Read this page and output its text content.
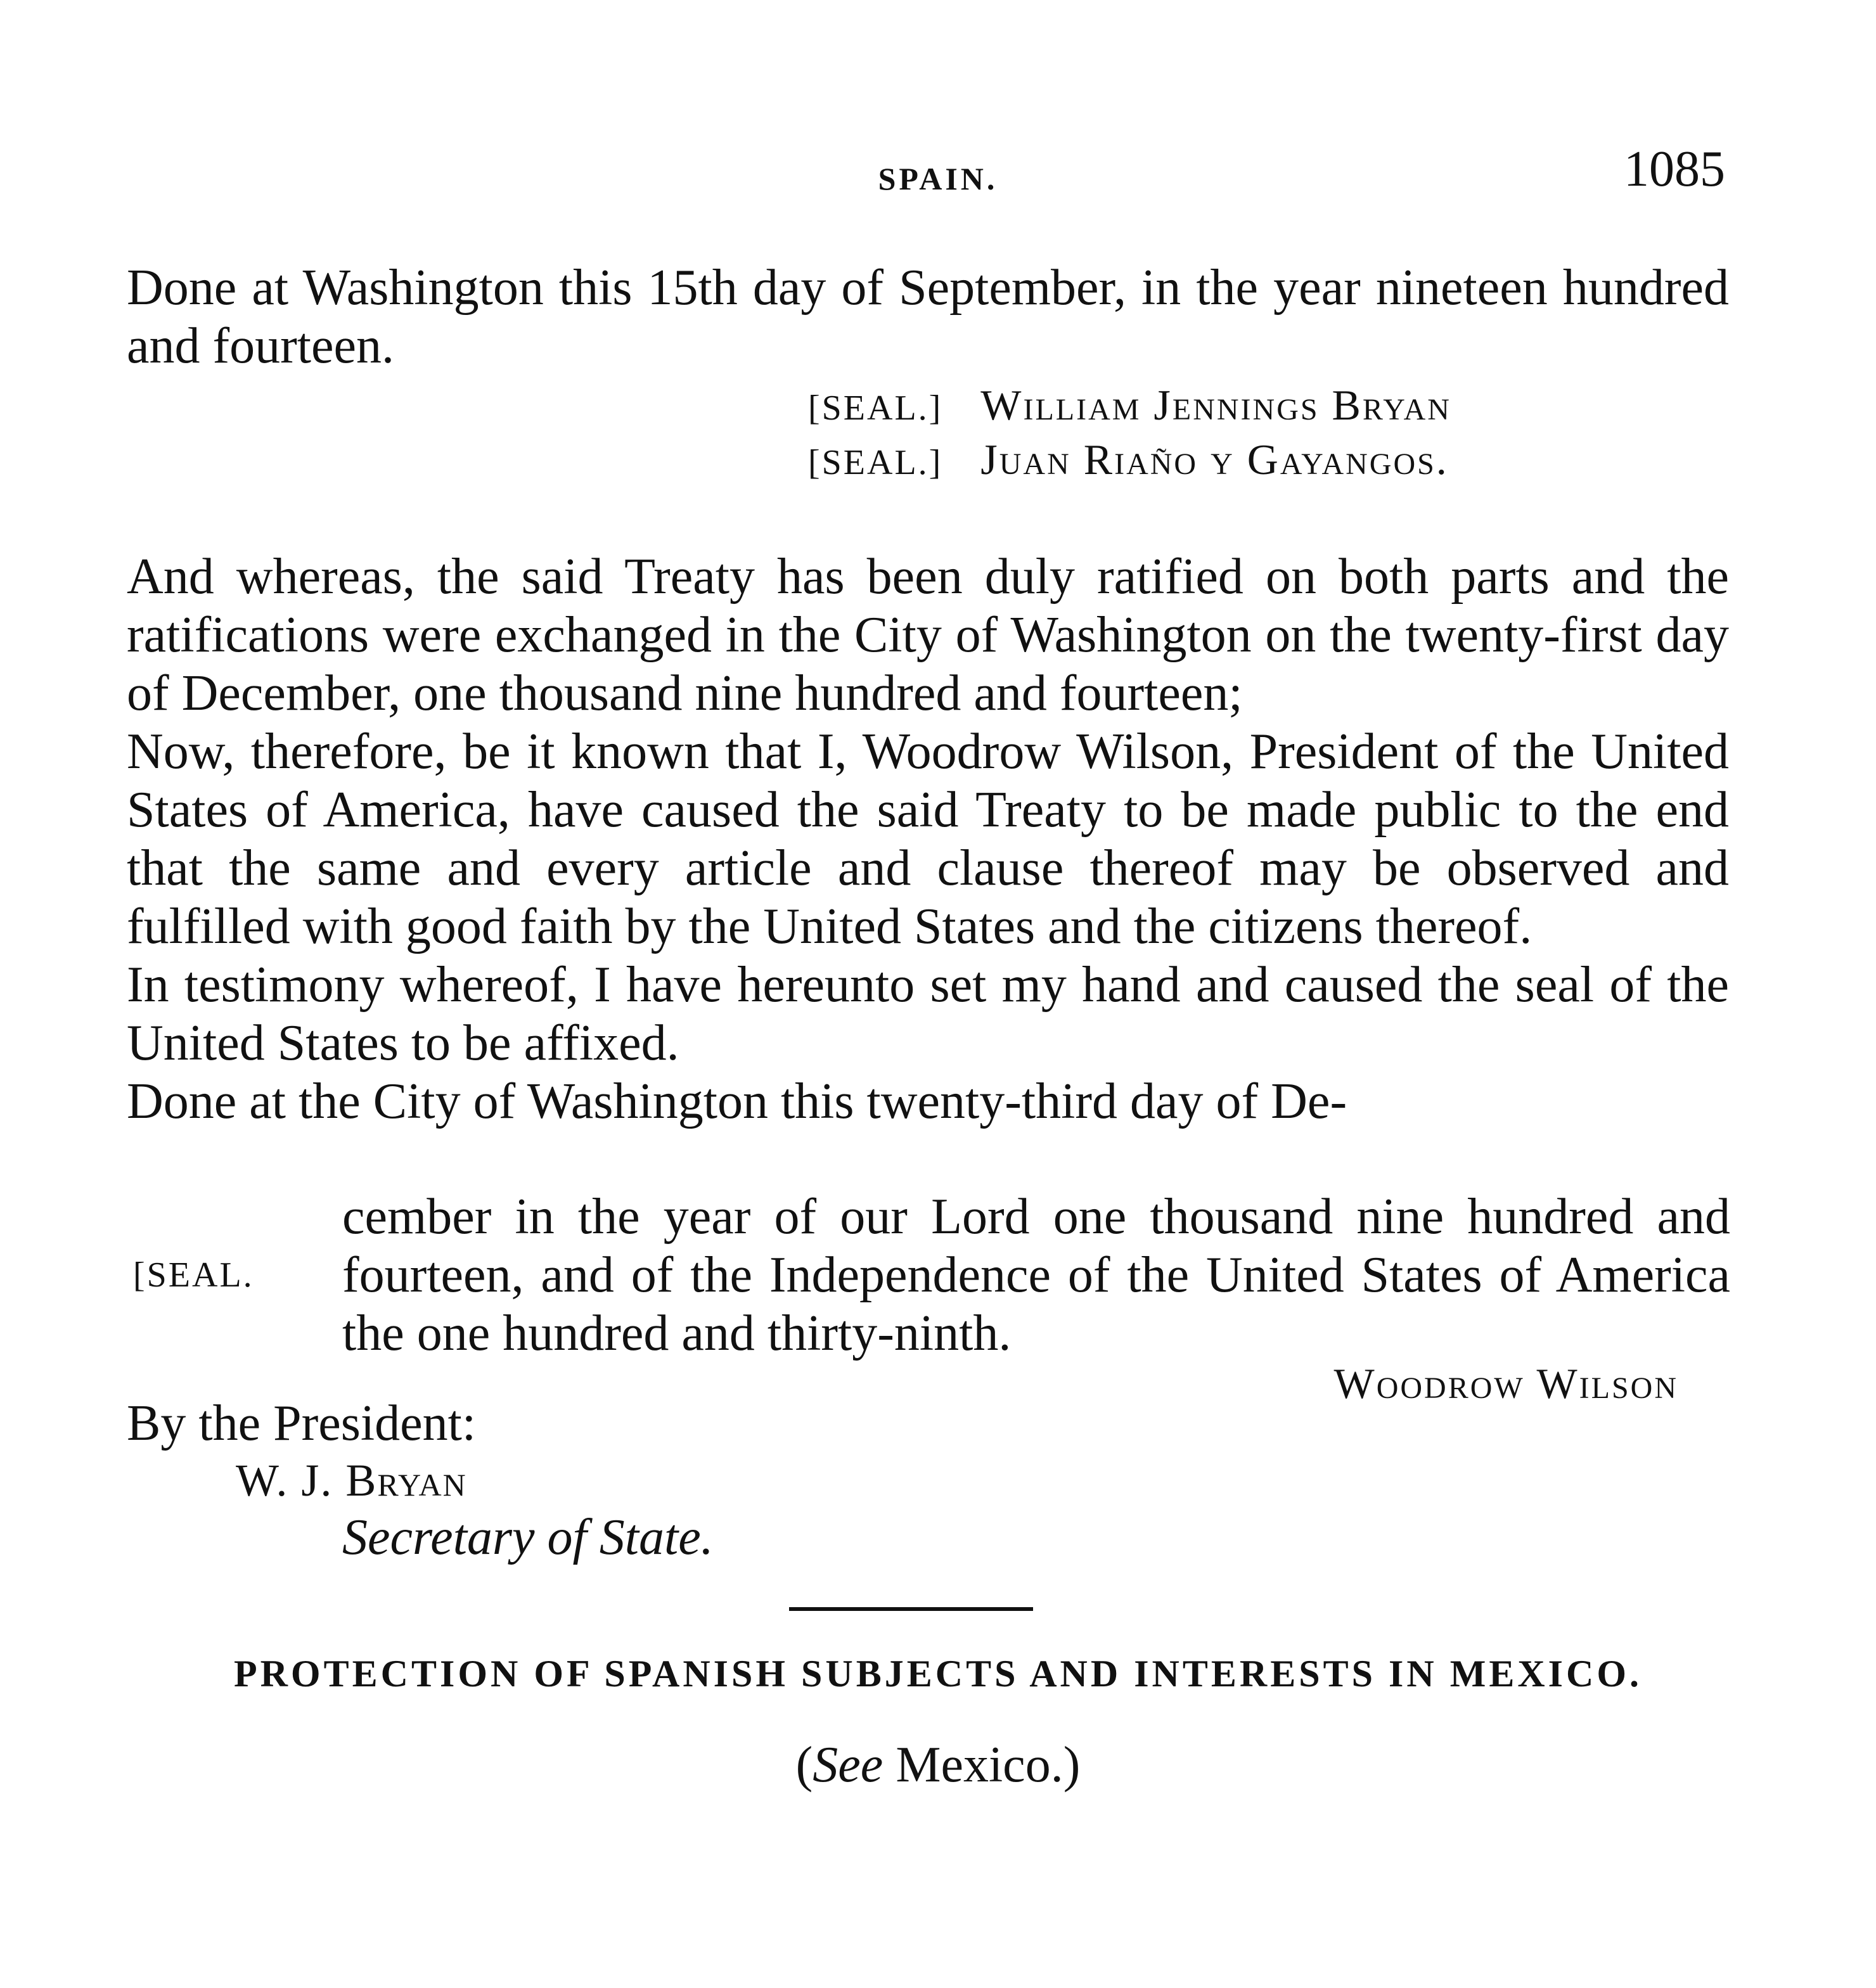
SPAIN.	1085
Done at Washington this 15th day of September, in the year nineteen hundred and fourteen.
[SEAL.] William Jennings Bryan
[SEAL.] Juan Riaño y Gayangos.
And whereas, the said Treaty has been duly ratified on both parts and the ratifications were exchanged in the City of Washington on the twenty-first day of December, one thousand nine hundred and fourteen;
Now, therefore, be it known that I, Woodrow Wilson, President of the United States of America, have caused the said Treaty to be made public to the end that the same and every article and clause thereof may be observed and fulfilled with good faith by the United States and the citizens thereof.
In testimony whereof, I have hereunto set my hand and caused the seal of the United States to be affixed.
Done at the City of Washington this twenty-third day of De-
cember in the year of our Lord one thousand nine hundred and fourteen, and of the Independence of the United States of America the one hundred and thirty-ninth.
[SEAL.
Woodrow Wilson
By the President:
W. J. Bryan
Secretary of State.
PROTECTION OF SPANISH SUBJECTS AND INTERESTS IN MEXICO.
(See Mexico.)
